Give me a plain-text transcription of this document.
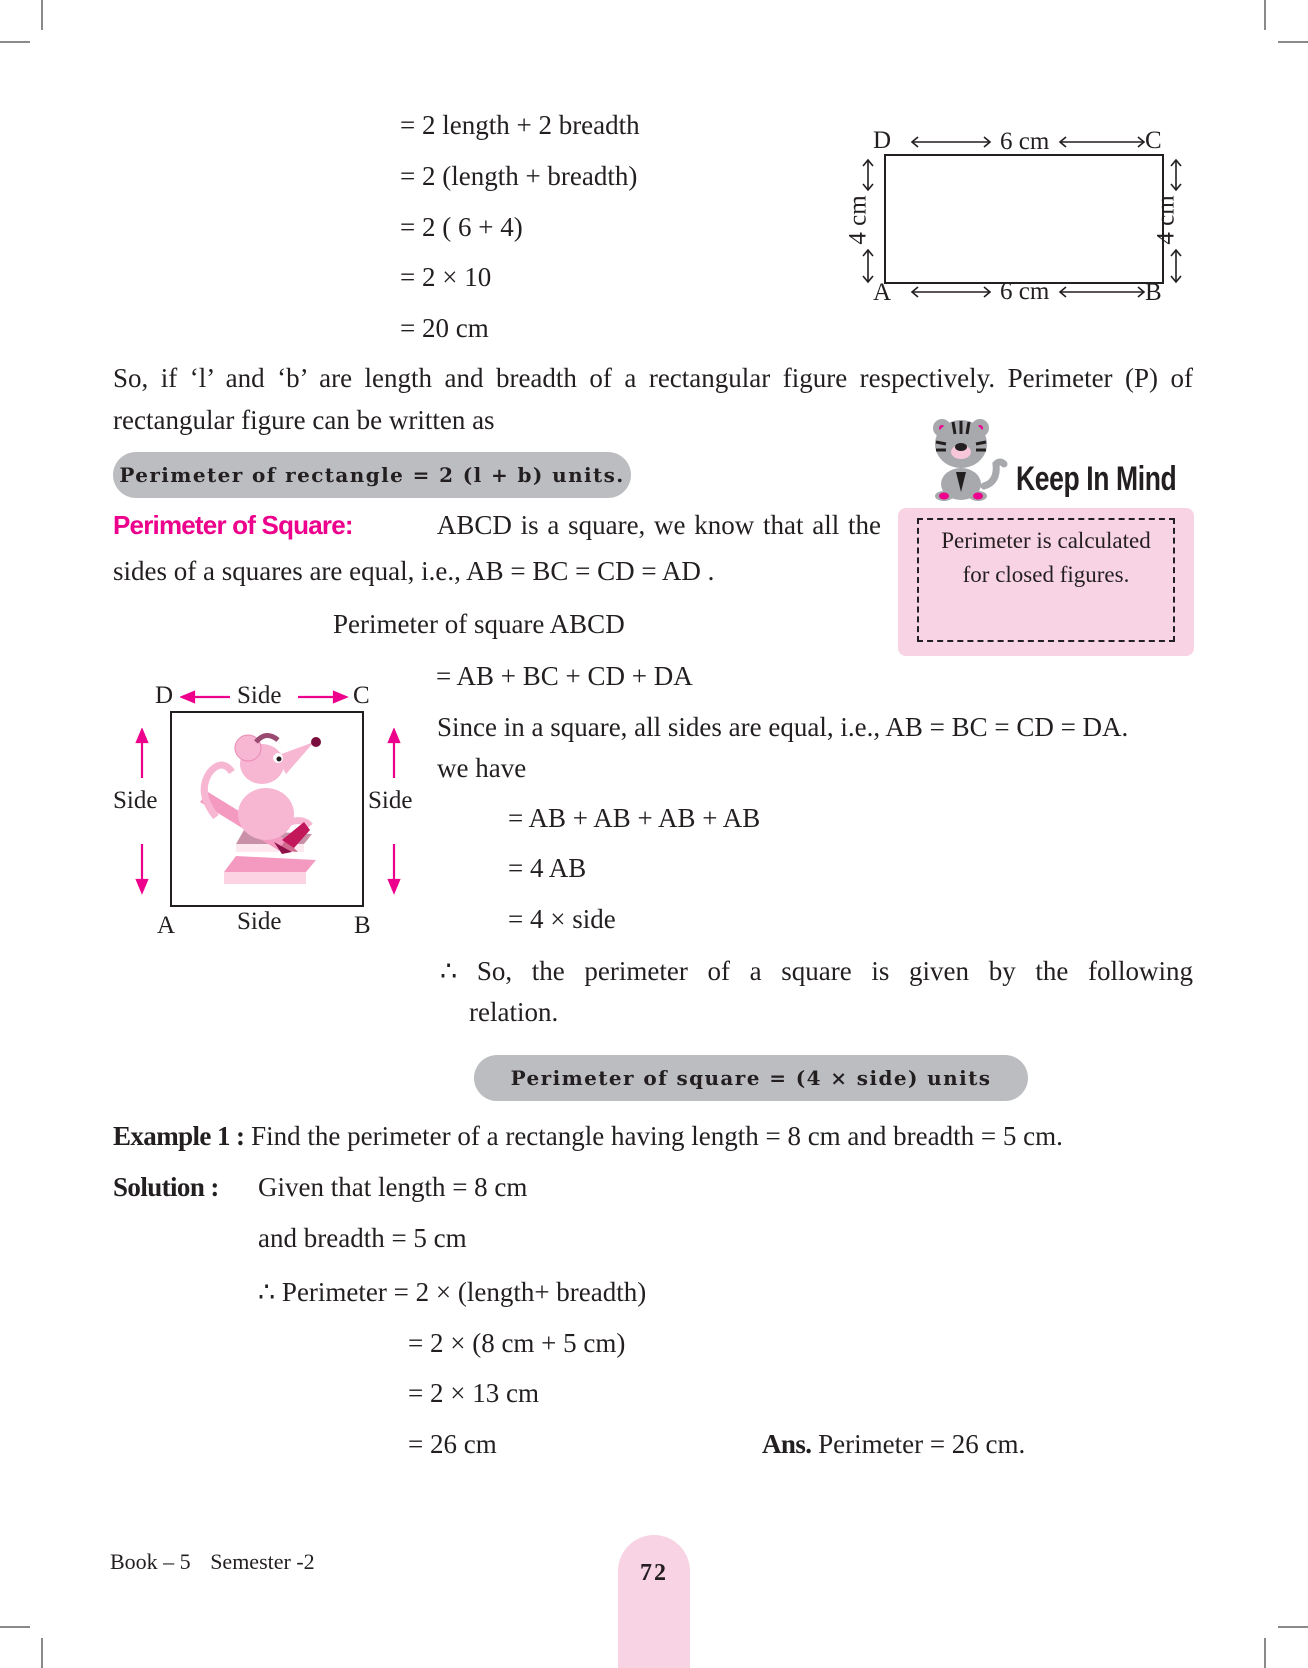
= 2 length + 2 breadth
= 2 (length + breadth)
= 2 ( 6 + 4)
= 2 × 10
= 20 cm
D	C
A	B
6 cm
6 cm
4 cm	4 cm
So, if ‘l’ and ‘b’ are length and breadth of a rectangular figure respectively. Perimeter (P) of
rectangular figure can be written as
Perimeter of rectangle = 2 (l + b) units.	Keep In Mind
Perimeter is calculated for closed figures.
Perimeter of Square:	ABCD is a square, we know that all the
sides of a squares are equal, i.e., AB = BC = CD = AD .
Perimeter of square ABCD
= AB + BC + CD + DA
Since in a square, all sides are equal, i.e., AB = BC = CD = DA.
we have
= AB + AB + AB + AB
= 4 AB
= 4 × side
∴ So, the perimeter of a square is given by the following
relation.
D	C
A	B
Side
Side
Side	Side
Perimeter of square = (4 × side) units
Example 1 : Find the perimeter of a rectangle having length = 8 cm and breadth = 5 cm.
Solution : Given that length = 8 cm
and breadth = 5 cm
∴ Perimeter = 2 × (length+ breadth)
= 2 × (8 cm + 5 cm)
= 2 × 13 cm
= 26 cm	Ans. Perimeter = 26 cm.
Book – 5 Semester -2	72
